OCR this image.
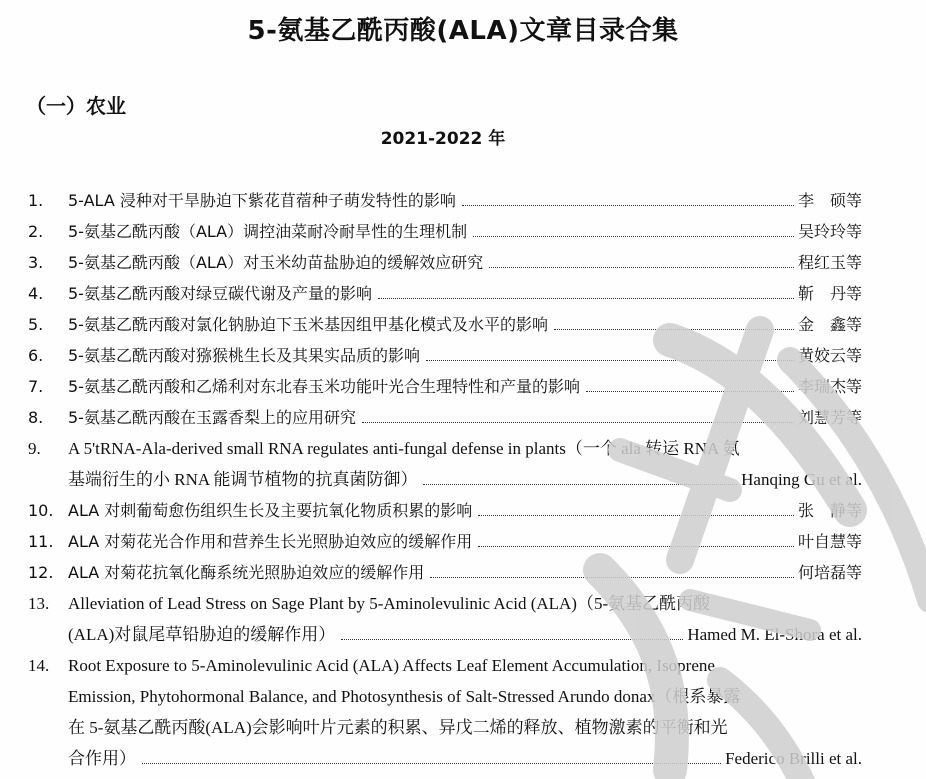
5-氨基乙酰丙酸(ALA)文章目录合集
（一）农业
2021-2022 年
1.	5-ALA 浸种对干旱胁迫下紫花苜蓿种子萌发特性的影响	李　硕等
2.	5-氨基乙酰丙酸（ALA）调控油菜耐冷耐旱性的生理机制	吴玲玲等
3.	5-氨基乙酰丙酸（ALA）对玉米幼苗盐胁迫的缓解效应研究	程红玉等
4.	5-氨基乙酰丙酸对绿豆碳代谢及产量的影响	靳　丹等
5.	5-氨基乙酰丙酸对氯化钠胁迫下玉米基因组甲基化模式及水平的影响	金　鑫等
6.	5-氨基乙酰丙酸对猕猴桃生长及其果实品质的影响	黄姣云等
7.	5-氨基乙酰丙酸和乙烯利对东北春玉米功能叶光合生理特性和产量的影响	李瑞杰等
8.	5-氨基乙酰丙酸在玉露香梨上的应用研究	刘慧芳等
9.	A 5'tRNA-Ala-derived small RNA regulates anti-fungal defense in plants（一个 ala 转运 RNA 氨
基端衍生的小 RNA 能调节植物的抗真菌防御）	Hanqing Gu et al.
10. ALA 对刺葡萄愈伤组织生长及主要抗氧化物质积累的影响	张　静等
11. ALA 对菊花光合作用和营养生长光照胁迫效应的缓解作用	叶自慧等
12. ALA 对菊花抗氧化酶系统光照胁迫效应的缓解作用	何培磊等
13.	Alleviation of Lead Stress on Sage Plant by 5-Aminolevulinic Acid (ALA)（5-氨基乙酰丙酸
(ALA)对鼠尾草铅胁迫的缓解作用）	Hamed M. El-Shora et al.
14.	Root Exposure to 5-Aminolevulinic Acid (ALA) Affects Leaf Element Accumulation, Isoprene
Emission, Phytohormonal Balance, and Photosynthesis of Salt-Stressed Arundo donax（根系暴露
在 5-氨基乙酰丙酸(ALA)会影响叶片元素的积累、异戊二烯的释放、植物激素的平衡和光
合作用）	Federico Brilli et al.
